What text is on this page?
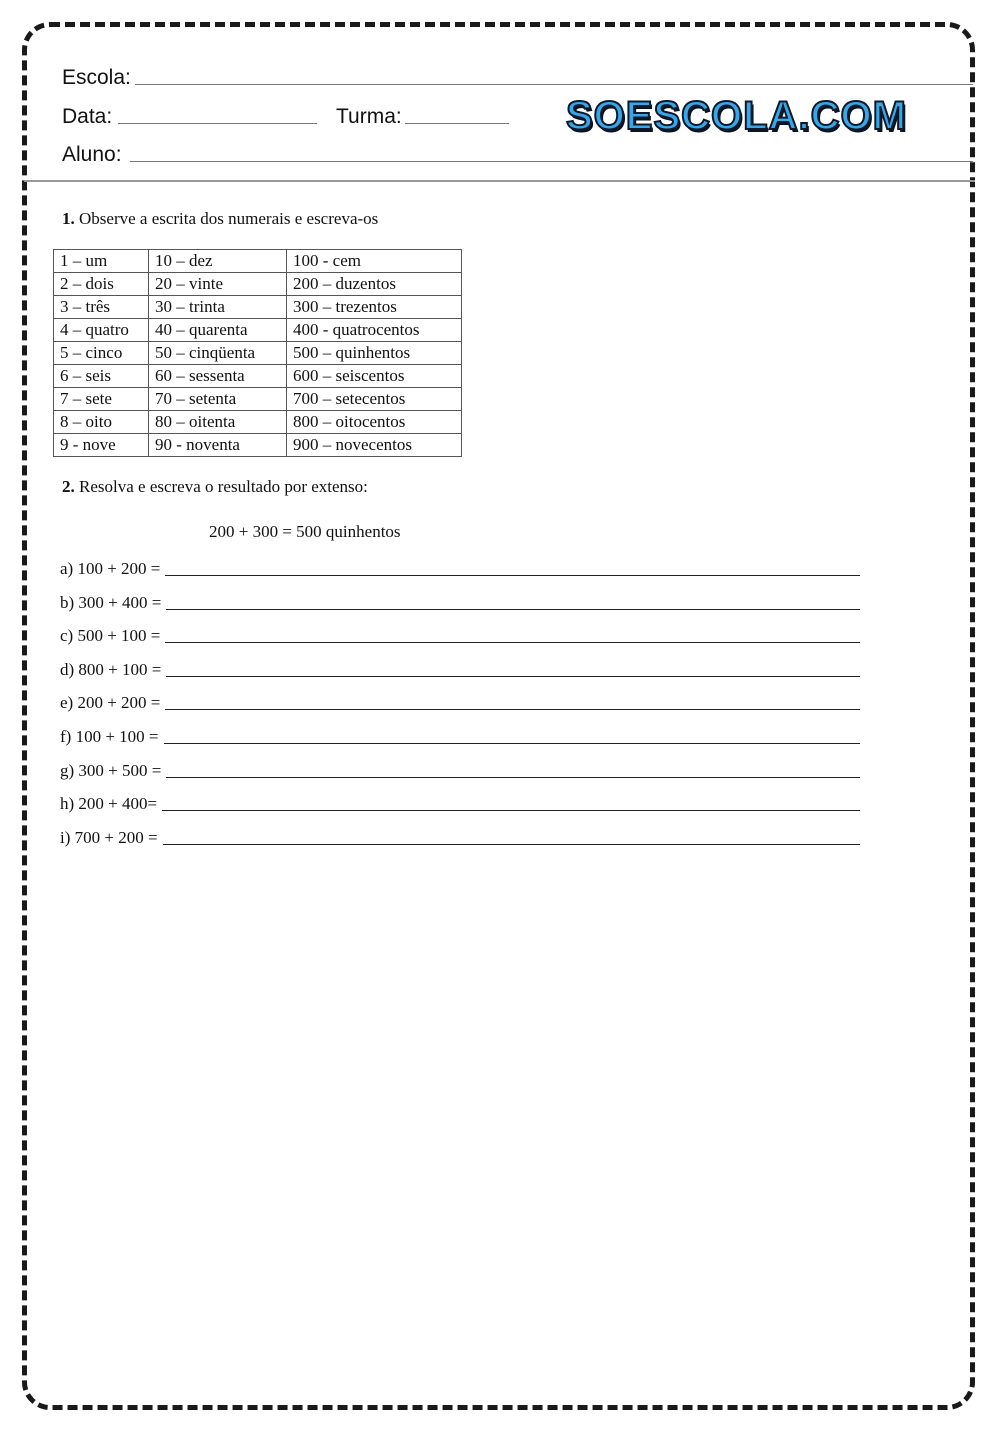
Escola:
Data:	Turma:	SOESCOLA.COM
Aluno:
1. Observe a escrita dos numerais e escreva-os
1 – um	10 – dez	100 - cem
2 – dois	20 – vinte	200 – duzentos
3 – três	30 – trinta	300 – trezentos
4 – quatro	40 – quarenta	400 - quatrocentos
5 – cinco	50 – cinqüenta	500 – quinhentos
6 – seis	60 – sessenta	600 – seiscentos
7 – sete	70 – setenta	700 – setecentos
8 – oito	80 – oitenta	800 – oitocentos
9 - nove	90 - noventa	900 – novecentos
2. Resolva e escreva o resultado por extenso:
200 + 300 = 500 quinhentos
a) 100 + 200 =
b) 300 + 400 =
c) 500 + 100 =
d) 800 + 100 =
e) 200 + 200 =
f) 100 + 100 =
g) 300 + 500 =
h) 200 + 400=
i) 700 + 200 =
